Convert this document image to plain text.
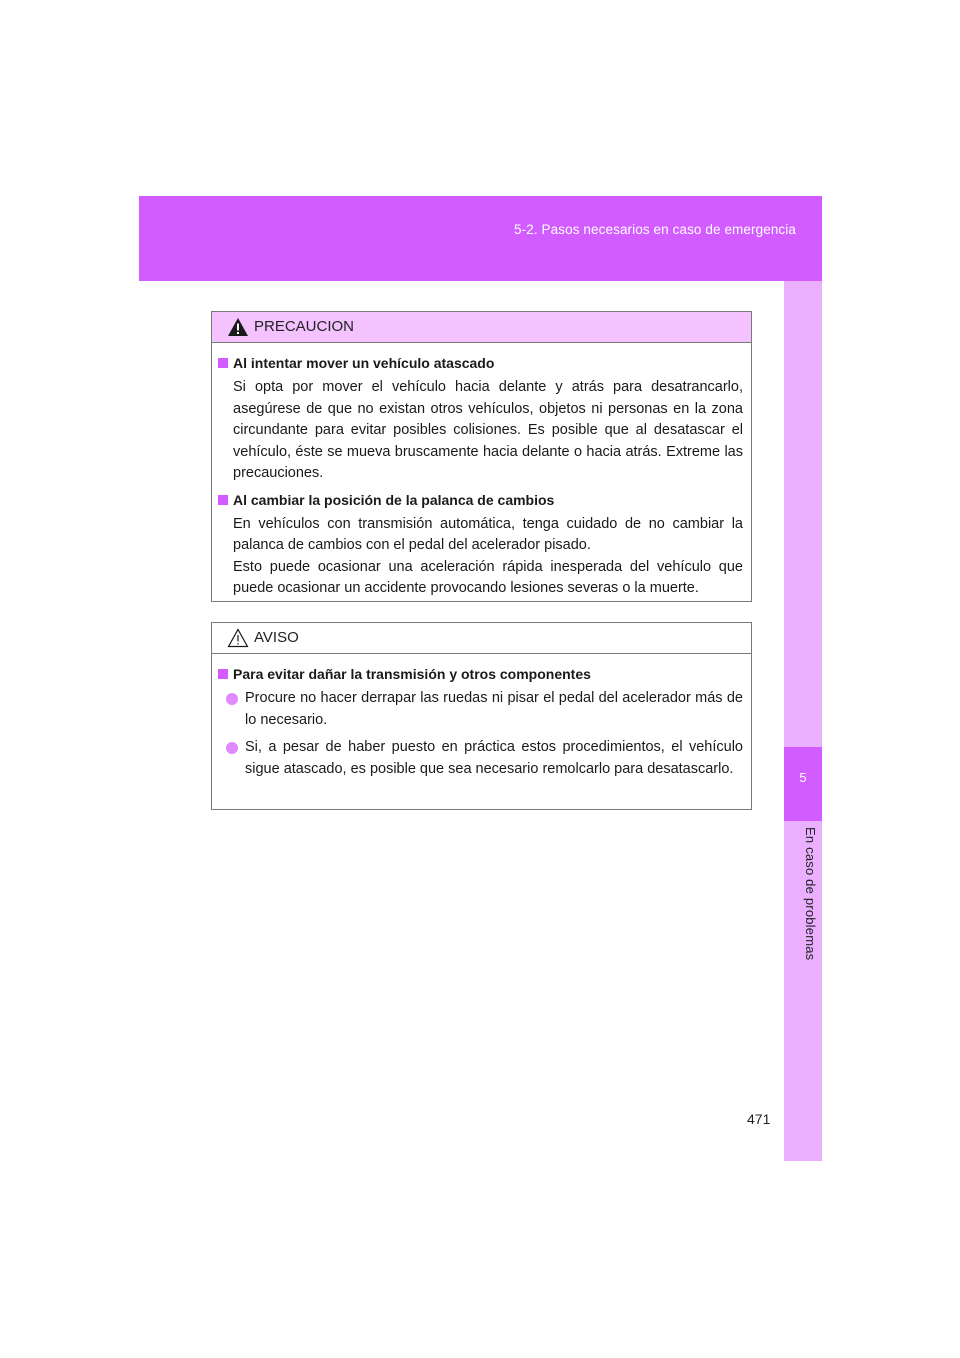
5-2. Pasos necesarios en caso de emergencia
5
En caso de problemas
PRECAUCION
Al intentar mover un vehículo atascado

Si opta por mover el vehículo hacia delante y atrás para desatrancarlo, asegúrese de que no existan otros vehículos, objetos ni personas en la zona circundante para evitar posibles colisiones. Es posible que al desatascar el vehículo, éste se mueva bruscamente hacia delante o hacia atrás. Extreme las precauciones.

Al cambiar la posición de la palanca de cambios

En vehículos con transmisión automática, tenga cuidado de no cambiar la palanca de cambios con el pedal del acelerador pisado.

Esto puede ocasionar una aceleración rápida inesperada del vehículo que puede ocasionar un accidente provocando lesiones severas o la muerte.

AVISO
Para evitar dañar la transmisión y otros componentes
Procure no hacer derrapar las ruedas ni pisar el pedal del acelerador más de lo necesario.
Si, a pesar de haber puesto en práctica estos procedimientos, el vehículo sigue atascado, es posible que sea necesario remolcarlo para desatascarlo.
471
